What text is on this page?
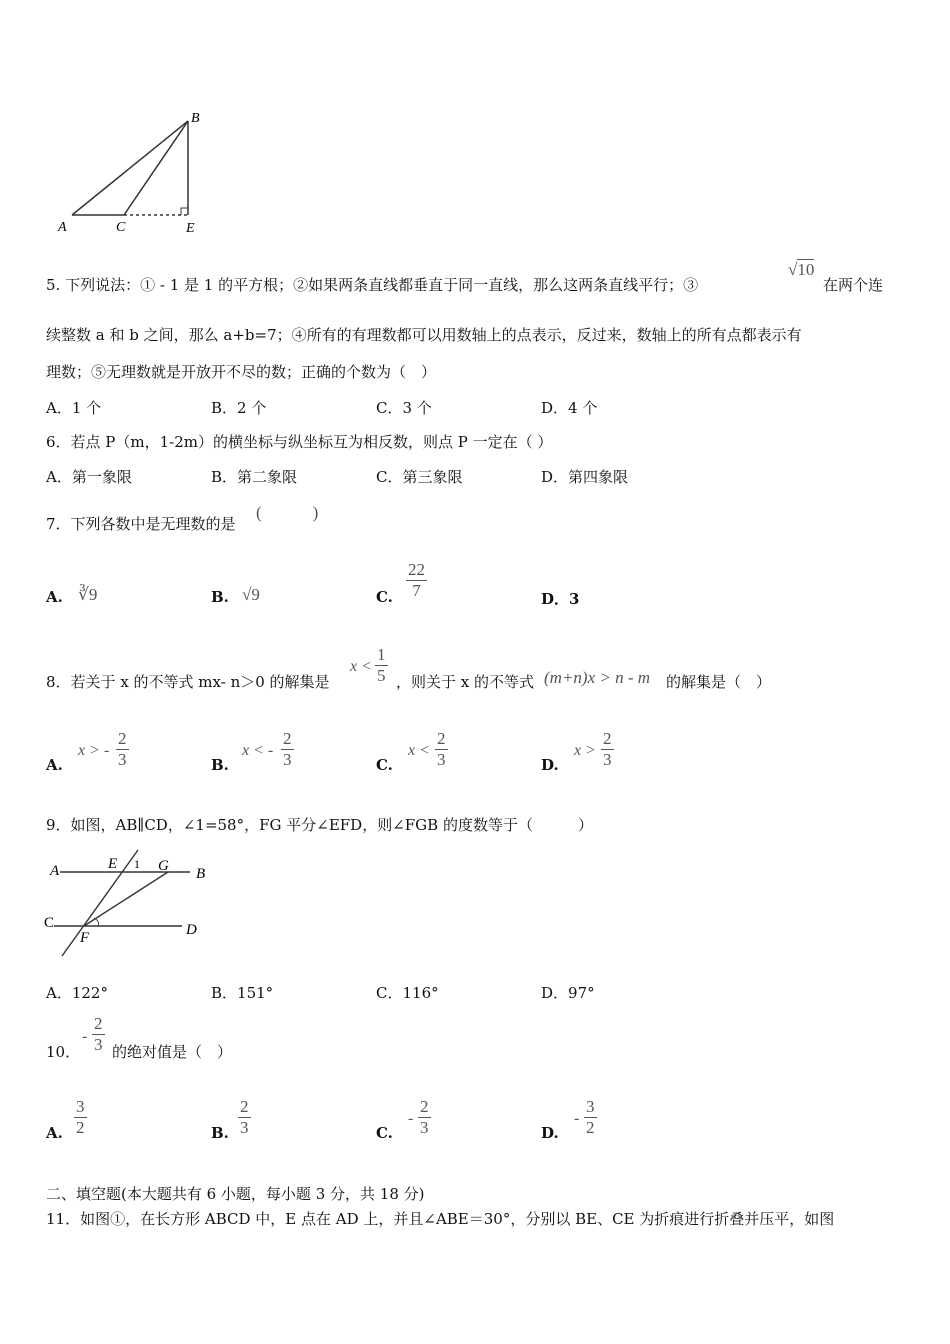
A	C	E
B
5. 下列说法：① - 1 是 1 的平方根；②如果两条直线都垂直于同一直线，那么这两条直线平行；③
√10
在两个连
续整数 a 和 b 之间，那么 a+b=7；④所有的有理数都可以用数轴上的点表示，反过来，数轴上的所有点都表示有
理数；⑤无理数就是开放开不尽的数；正确的个数为（　）
A．1 个	B．2 个	C．3 个	D．4 个
6．若点 P（m，1-2m）的横坐标与纵坐标互为相反数，则点 P 一定在（ ）
A．第一象限	B．第二象限	C．第三象限	D．第四象限
7．下列各数中是无理数的是
(　　　)
A. ∛9	B. √9	C. $\frac{22}{7}$	D．3
8．若关于 x 的不等式 mx- n＞0 的解集是
$x < \frac{1}{5}$ ，则关于 x 的不等式 (m+n)x > n - m 的解集是（　）
A.
x > - $\frac{2}{3}$	B.
x < - $\frac{2}{3}$	C.
$x < \frac{2}{3}$	D.
$x > \frac{2}{3}$
9．如图，AB∥CD，∠1=58°，FG 平分∠EFD，则∠FGB 的度数等于（　　　）
A	E 1 G B
C
F	D
A．122°	B．151°	C．116°	D．97°
10．
- $\frac{2}{3}$ 的绝对值是（　）
A. $\frac{3}{2}$	B. $\frac{2}{3}$	C.
- $\frac{2}{3}$	D.
- $\frac{3}{2}$
二、填空题(本大题共有 6 小题，每小题 3 分，共 18 分)
11．如图①，在长方形 ABCD 中，E 点在 AD 上，并且∠ABE＝30°，分别以 BE、CE 为折痕进行折叠并压平，如图
